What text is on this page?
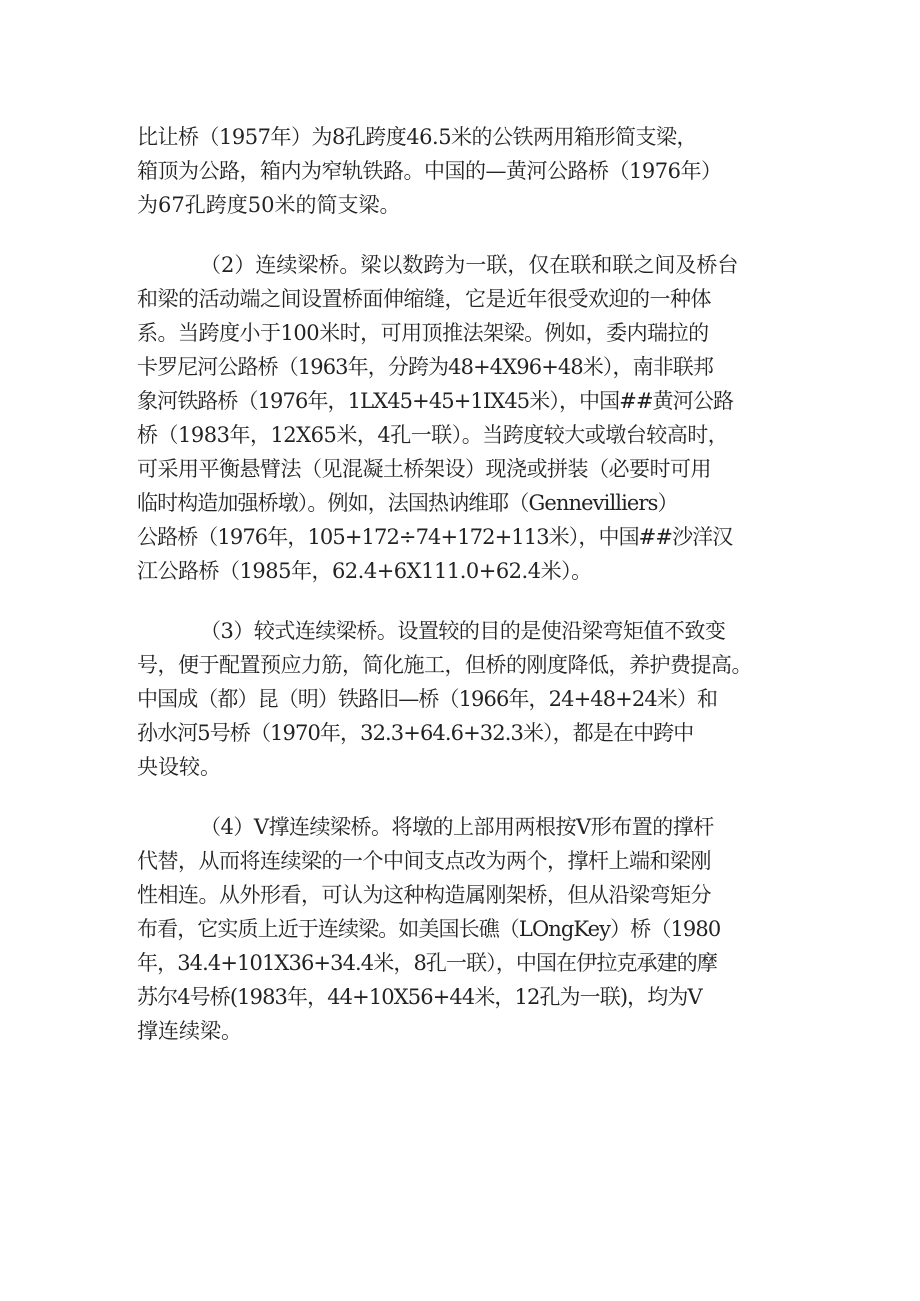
比让桥（1957年）为8孔跨度46.5米的公铁两用箱形简支梁，
箱顶为公路，箱内为窄轨铁路。中国的—黄河公路桥（1976年）
为67孔跨度50米的简支梁。

（2）连续梁桥。梁以数跨为一联，仅在联和联之间及桥台
和梁的活动端之间设置桥面伸缩缝，它是近年很受欢迎的一种体
系。当跨度小于100米时，可用顶推法架梁。例如，委内瑞拉的
卡罗尼河公路桥（1963年，分跨为48+4X96+48米），南非联邦
象河铁路桥（1976年，1LX45+45+1IX45米），中国##黄河公路
桥（1983年，12X65米，4孔一联）。当跨度较大或墩台较高时，
可采用平衡悬臂法（见混凝土桥架设）现浇或拼装（必要时可用
临时构造加强桥墩）。例如，法国热讷维耶（Gennevilliers）
公路桥（1976年，105+172÷74+172+113米），中国##沙洋汉
江公路桥（1985年，62.4+6X111.0+62.4米）。

（3）较式连续梁桥。设置较的目的是使沿梁弯矩值不致变
号，便于配置预应力筋，简化施工，但桥的刚度降低，养护费提高。
中国成（都）昆（明）铁路旧—桥（1966年，24+48+24米）和
孙水河5号桥（1970年，32.3+64.6+32.3米），都是在中跨中
央设较。

（4）V撑连续梁桥。将墩的上部用两根按V形布置的撑杆
代替，从而将连续梁的一个中间支点改为两个，撑杆上端和梁刚
性相连。从外形看，可认为这种构造属刚架桥，但从沿梁弯矩分
布看，它实质上近于连续梁。如美国长礁（LOngKey）桥（1980
年，34.4+101X36+34.4米，8孔一联），中国在伊拉克承建的摩
苏尔4号桥(1983年，44+10X56+44米，12孔为一联)，均为V
撑连续梁。
